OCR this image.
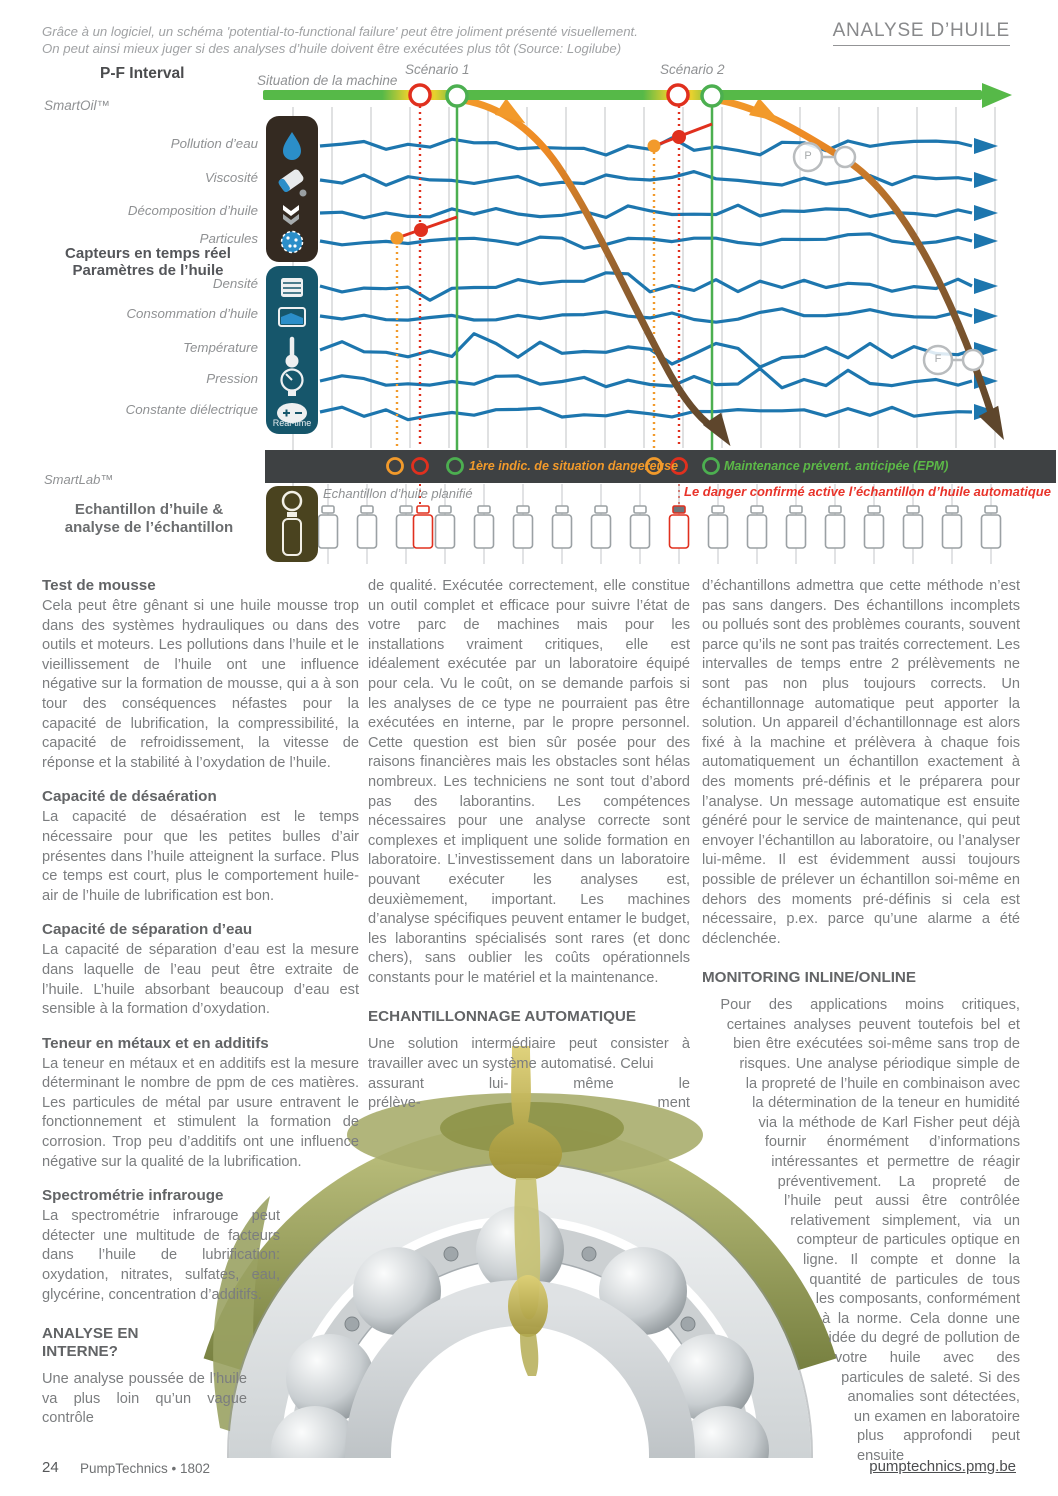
Grâce à un logiciel, un schéma 'potential-to-functional failure' peut être joliment présenté visuellement.
On peut ainsi mieux juger si des analyses d’huile doivent être exécutées plus tôt (Source: Logilube)
ANALYSE D’HUILE
P-F Interval
SmartOil™
Situation de la machine
Scénario 1	Scénario 2
Pollution d’eau
Viscosité
Décomposition d’huile
Particules
Densité
Consommation d’huile
Température
Pression
Constante diélectrique
Capteurs en temps réel
Paramètres de l’huile
Real-time
P
F
1ère indic. de situation dangereuse	Maintenance prévent. anticipée (EPM)
SmartLab™
Echantillon d’huile &
analyse de l’échantillon
Echantillon d’huile planifié	Le danger confirmé active l’échantillon d’huile automatique
Test de mousse

Cela peut être gênant si une huile mousse trop dans des systèmes hydrauliques ou dans des outils et moteurs. Les pollutions dans l’huile et le vieillissement de l’huile ont une influence négative sur la formation de mousse, qui a à son tour des conséquences néfastes pour la capacité de lubrification, la compressibilité, la capacité de refroidissement, la vitesse de réponse et la stabilité à l’oxydation de l’huile.

Capacité de désaération

La capacité de désaération est le temps nécessaire pour que les petites bulles d’air présentes dans l’huile atteignent la surface. Plus ce temps est court, plus le comportement huile-air de l’huile de lubrification est bon.

Capacité de séparation d’eau

La capacité de séparation d’eau est la mesure dans laquelle de l’eau peut être extraite de l’huile. L’huile absorbant beaucoup d’eau est sensible à la formation d’oxydation.

Teneur en métaux et en additifs

La teneur en métaux et en additifs est la mesure déterminant le nombre de ppm de ces matières. Les particules de métal par usure entravent le fonctionnement et stimulent la formation de corrosion. Trop peu d’additifs ont une influence négative sur la qualité de la lubrification.

Spectrométrie infrarouge

La spectrométrie infrarouge peut détecter une multitude de facteurs dans l’huile de lubrification: oxydation, nitrates, sulfates, eau, glycérine, concentration d’additifs.

ANALYSE EN INTERNE?

Une analyse poussée de l’huile va plus loin qu’un vague contrôle

de qualité. Exécutée correctement, elle constitue un outil complet et efficace pour suivre l’état de votre parc de machines mais pour les installations vraiment critiques, elle est idéalement exécutée par un laboratoire équipé pour cela. Vu le coût, on se demande parfois si les analyses de ce type ne pourraient pas être exécutées en interne, par le propre personnel. Cette question est bien sûr posée pour des raisons financières mais les obstacles sont hélas nombreux. Les techniciens ne sont tout d’abord pas des laborantins. Les compétences nécessaires pour une analyse correcte sont complexes et impliquent une solide formation en laboratoire. L’investissement dans un laboratoire pouvant exécuter les analyses est, deuxièmement, important. Les machines d’analyse spécifiques peuvent entamer le budget, les laborantins spécialisés sont rares (et donc chers), sans oublier les coûts opérationnels constants pour le matériel et la maintenance.

ECHANTILLONNAGE AUTOMATIQUE

Une solution intermédiaire peut consister à travailler avec un système automatisé. Celui

assurant	lui-	même	le
prélève-	ment

d’échantillons admettra que cette méthode n’est pas sans dangers. Des échantillons incomplets ou pollués sont des problèmes courants, souvent parce qu’ils ne sont pas traités correctement. Les intervalles de temps entre 2 prélèvements ne sont pas non plus toujours corrects. Un échantillonnage automatique peut apporter la solution. Un appareil d’échantillonnage est alors fixé à la machine et prélèvera à chaque fois automatiquement un échantillon exactement à des moments pré-définis et le préparera pour l’analyse. Un message automatique est ensuite généré pour le service de maintenance, qui peut envoyer l’échantillon au laboratoire, ou l’analyser lui-même. Il est évidemment aussi toujours possible de prélever un échantillon soi-même en dehors des moments pré-définis si cela est nécessaire, p.ex. parce qu’une alarme a été déclenchée.

MONITORING INLINE/ONLINE

Pour des applications moins critiques, certaines analyses peuvent toutefois bel et bien être exécutées soi-même sans trop de risques. Une analyse périodique simple de la propreté de l’huile en combinaison avec la détermination de la teneur en humidité via la méthode de Karl Fisher peut déjà fournir énormément d’informations intéressantes et permettre de réagir préventivement. La propreté de l’huile peut aussi être contrôlée relativement simplement, via un compteur de particules optique en ligne. Il compte et donne la quantité de particules de tous les composants, conformément à la norme. Cela donne une idée du degré de pollution de votre huile avec des particules de saleté. Si des anomalies sont détectées, un examen en laboratoire plus approfondi peut ensuite

24 PumpTechnics • 1802	pumptechnics.pmg.be
